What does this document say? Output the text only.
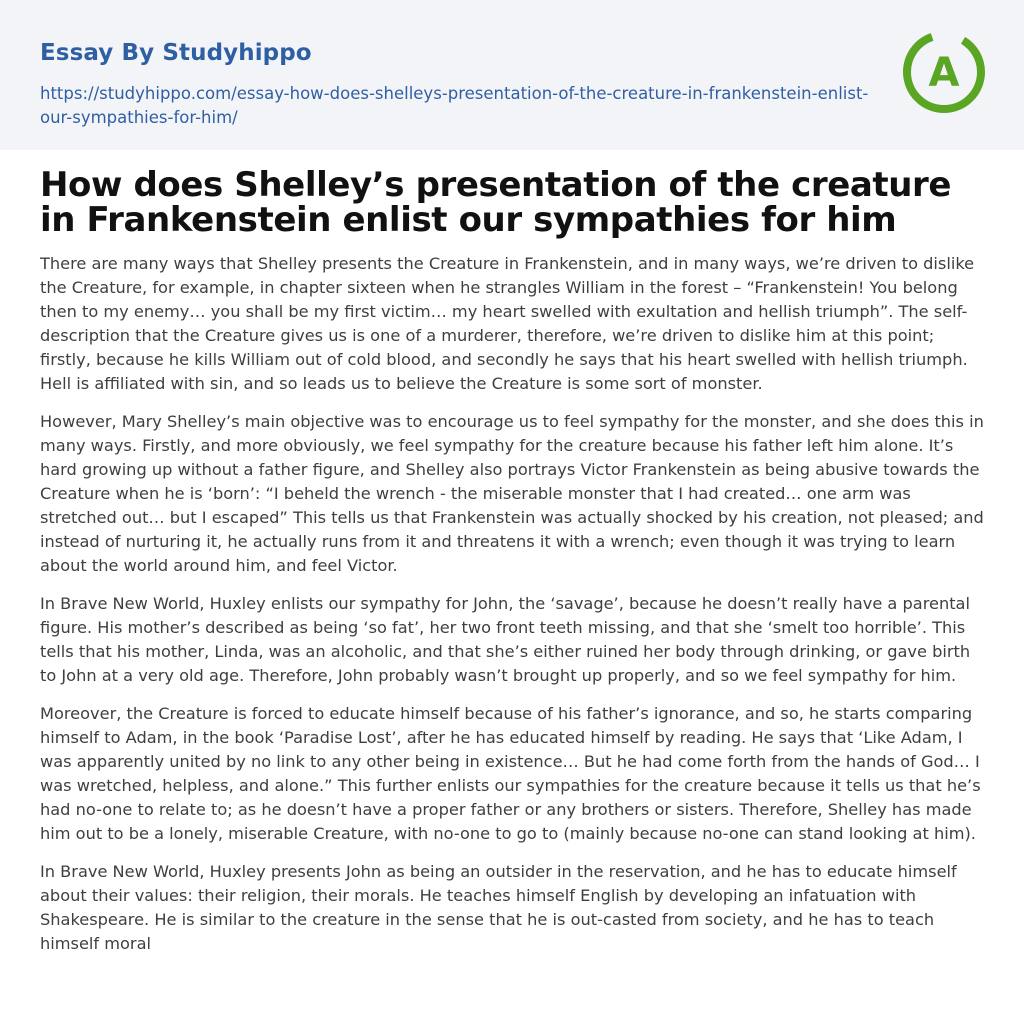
Essay By Studyhippo
https://studyhippo.com/essay-how-does-shelleys-presentation-of-the-creature-in-frankenstein-enlist-our-sympathies-for-him/
A
How does Shelley’s presentation of the creature in Frankenstein enlist our sympathies for him

There are many ways that Shelley presents the Creature in Frankenstein, and in many ways, we’re driven to dislike the Creature, for example, in chapter sixteen when he strangles William in the forest – “Frankenstein! You belong then to my enemy… you shall be my first victim… my heart swelled with exultation and hellish triumph”. The self-description that the Creature gives us is one of a murderer, therefore, we’re driven to dislike him at this point; firstly, because he kills William out of cold blood, and secondly he says that his heart swelled with hellish triumph. Hell is affiliated with sin, and so leads us to believe the Creature is some sort of monster.

However, Mary Shelley’s main objective was to encourage us to feel sympathy for the monster, and she does this in many ways. Firstly, and more obviously, we feel sympathy for the creature because his father left him alone. It’s hard growing up without a father figure, and Shelley also portrays Victor Frankenstein as being abusive towards the Creature when he is ‘born’: “I beheld the wrench - the miserable monster that I had created… one arm was stretched out… but I escaped” This tells us that Frankenstein was actually shocked by his creation, not pleased; and instead of nurturing it, he actually runs from it and threatens it with a wrench; even though it was trying to learn about the world around him, and feel Victor.

In Brave New World, Huxley enlists our sympathy for John, the ‘savage’, because he doesn’t really have a parental figure. His mother’s described as being ‘so fat’, her two front teeth missing, and that she ‘smelt too horrible’. This tells that his mother, Linda, was an alcoholic, and that she’s either ruined her body through drinking, or gave birth to John at a very old age. Therefore, John probably wasn’t brought up properly, and so we feel sympathy for him.

Moreover, the Creature is forced to educate himself because of his father’s ignorance, and so, he starts comparing himself to Adam, in the book ‘Paradise Lost’, after he has educated himself by reading. He says that ‘Like Adam, I was apparently united by no link to any other being in existence… But he had come forth from the hands of God… I was wretched, helpless, and alone.” This further enlists our sympathies for the creature because it tells us that he’s had no-one to relate to; as he doesn’t have a proper father or any brothers or sisters. Therefore, Shelley has made him out to be a lonely, miserable Creature, with no-one to go to (mainly because no-one can stand looking at him).

In Brave New World, Huxley presents John as being an outsider in the reservation, and he has to educate himself about their values: their religion, their morals. He teaches himself English by developing an infatuation with Shakespeare. He is similar to the creature in the sense that he is out-casted from society, and he has to teach himself moral
